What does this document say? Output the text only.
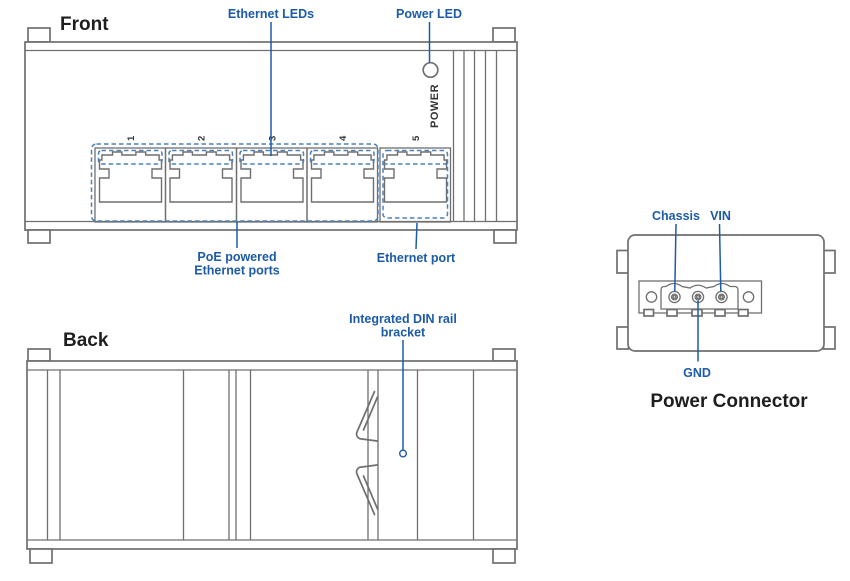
Front
POWER
1	2	3	4	5
Ethernet LEDs	Power LED
PoE powered
Ethernet ports
Ethernet port
Back
Integrated DIN rail
bracket
Chassis VIN
GND
Power Connector
